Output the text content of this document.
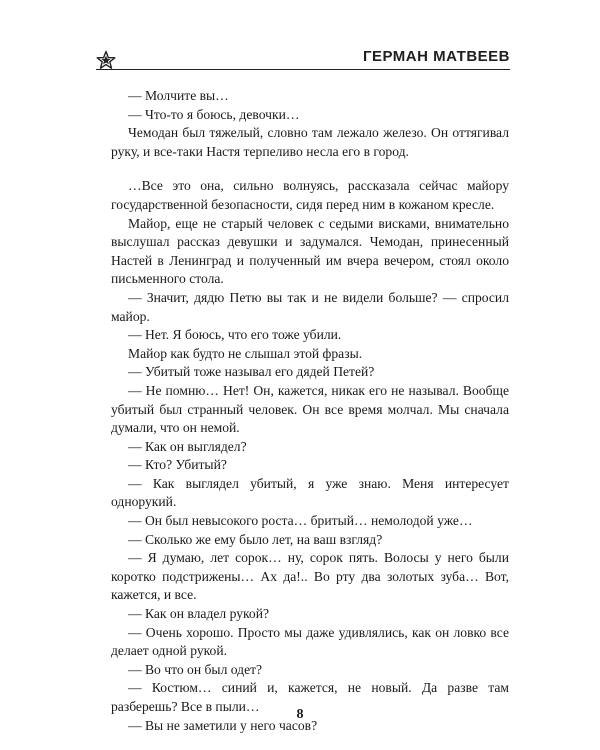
ГЕРМАН МАТВЕЕВ

— Молчите вы…

— Что-то я боюсь, девочки…

Чемодан был тяжелый, словно там лежало железо. Он оттягивал руку, и все-таки Настя терпеливо несла его в город.

…Все это она, сильно волнуясь, рассказала сейчас майору государственной безопасности, сидя перед ним в кожаном кресле.

Майор, еще не старый человек с седыми висками, внимательно выслушал рассказ девушки и задумался. Чемодан, принесенный Настей в Ленинград и полученный им вчера вечером, стоял около письменного стола.

— Значит, дядю Петю вы так и не видели больше? — спросил майор.

— Нет. Я боюсь, что его тоже убили.

Майор как будто не слышал этой фразы.

— Убитый тоже называл его дядей Петей?

— Не помню… Нет! Он, кажется, никак его не называл. Вообще убитый был странный человек. Он все время молчал. Мы сначала думали, что он немой.

— Как он выглядел?

— Кто? Убитый?

— Как выглядел убитый, я уже знаю. Меня интересует однорукий.

— Он был невысокого роста… бритый… немолодой уже…

— Сколько же ему было лет, на ваш взгляд?

— Я думаю, лет сорок… ну, сорок пять. Волосы у него были коротко подстрижены… Ах да!.. Во рту два золотых зуба… Вот, кажется, и все.

— Как он владел рукой?

— Очень хорошо. Просто мы даже удивлялись, как он ловко все делает одной рукой.

— Во что он был одет?

— Костюм… синий и, кажется, не новый. Да разве там разберешь? Все в пыли…

— Вы не заметили у него часов?

8
